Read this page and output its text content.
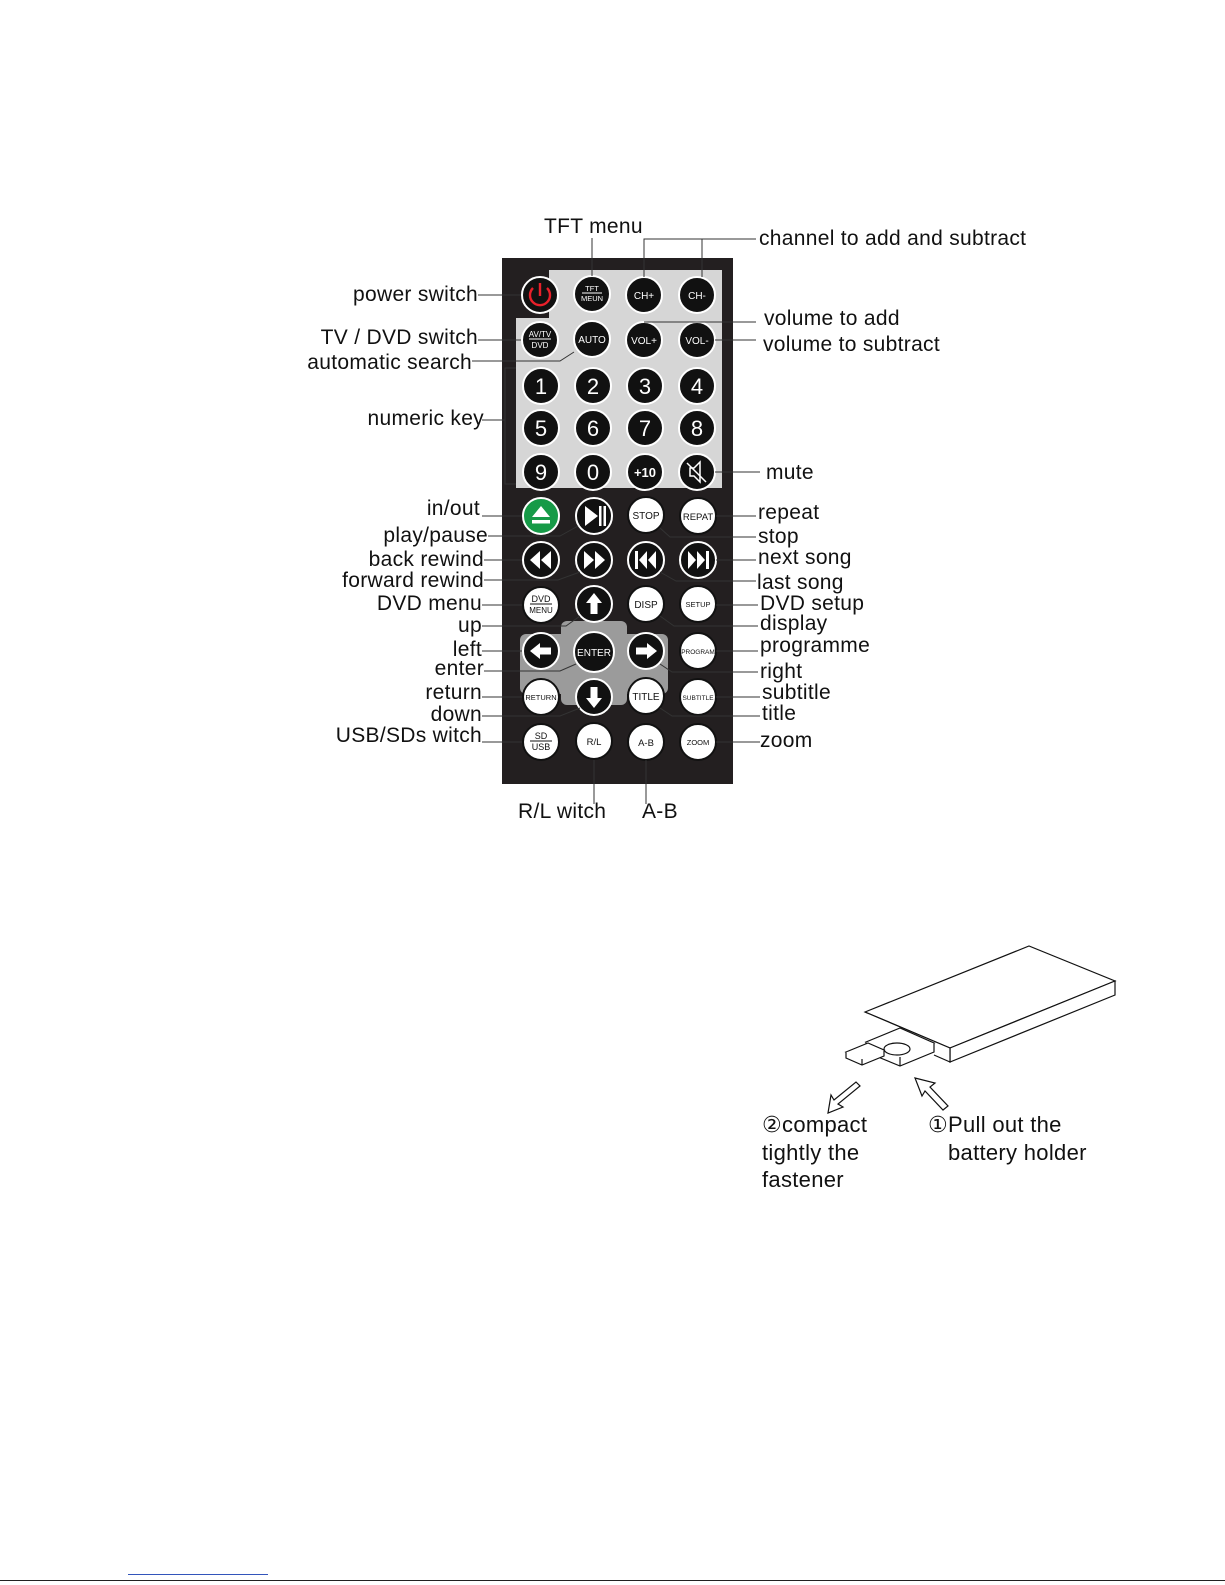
TFT
MEUN	CH+	CH-
AV/TV
DVD	AUTO	VOL+	VOL-
1 2 3 4
5 6 7 8
9 0	+10
STOP REPAT
DVD
MENU	DISP	SETUP
ENTER	PROGRAM
RETURN	TITLE	SUBTITLE
SD
USB	R/L	A-B	ZOOM
TFT menu
channel to add and subtract
power switch
volume to add
TV / DVD switch	volume to subtract
automatic search
numeric key
mute
in/out	repeat
play/pause	stop
back rewind	next song
forward rewind	last song
DVD menu	DVD setup
up	display
left	programme
enter	right
return	subtitle
down	title
USB/SDs witch	zoom
R/L witch A-B
②compact
tightly the
fastener
①Pull out the
battery holder
